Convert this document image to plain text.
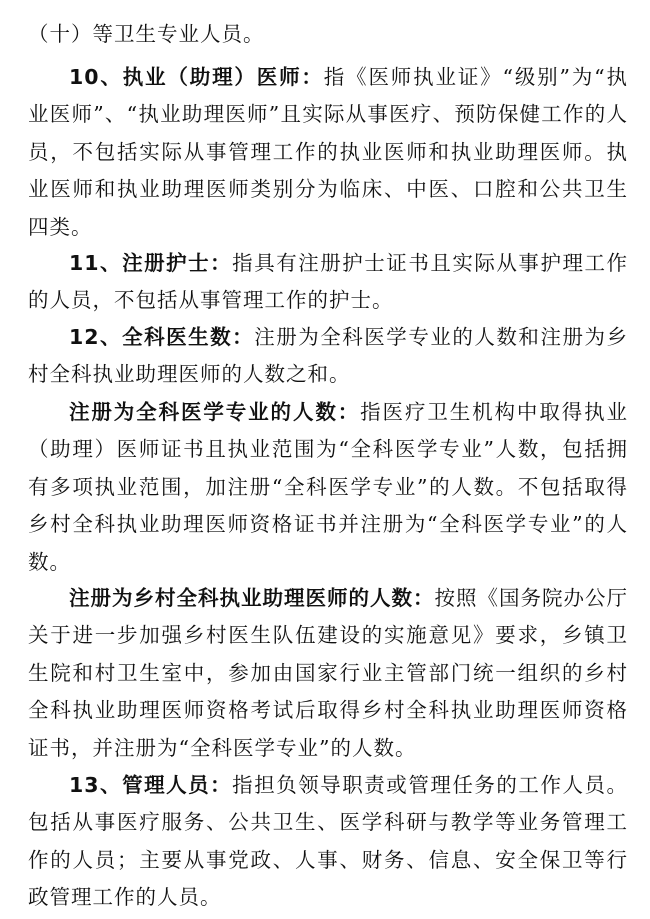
（十）等卫生专业人员。

10、执业（助理）医师：指《医师执业证》“级别”为“执业医师”、“执业助理医师”且实际从事医疗、预防保健工作的人员，不包括实际从事管理工作的执业医师和执业助理医师。执业医师和执业助理医师类别分为临床、中医、口腔和公共卫生四类。

11、注册护士：指具有注册护士证书且实际从事护理工作的人员，不包括从事管理工作的护士。

12、全科医生数：注册为全科医学专业的人数和注册为乡村全科执业助理医师的人数之和。

注册为全科医学专业的人数：指医疗卫生机构中取得执业（助理）医师证书且执业范围为“全科医学专业”人数，包括拥有多项执业范围，加注册“全科医学专业”的人数。不包括取得乡村全科执业助理医师资格证书并注册为“全科医学专业”的人数。

注册为乡村全科执业助理医师的人数：按照《国务院办公厅关于进一步加强乡村医生队伍建设的实施意见》要求，乡镇卫生院和村卫生室中，参加由国家行业主管部门统一组织的乡村全科执业助理医师资格考试后取得乡村全科执业助理医师资格证书，并注册为“全科医学专业”的人数。

13、管理人员：指担负领导职责或管理任务的工作人员。包括从事医疗服务、公共卫生、医学科研与教学等业务管理工作的人员；主要从事党政、人事、财务、信息、安全保卫等行政管理工作的人员。
